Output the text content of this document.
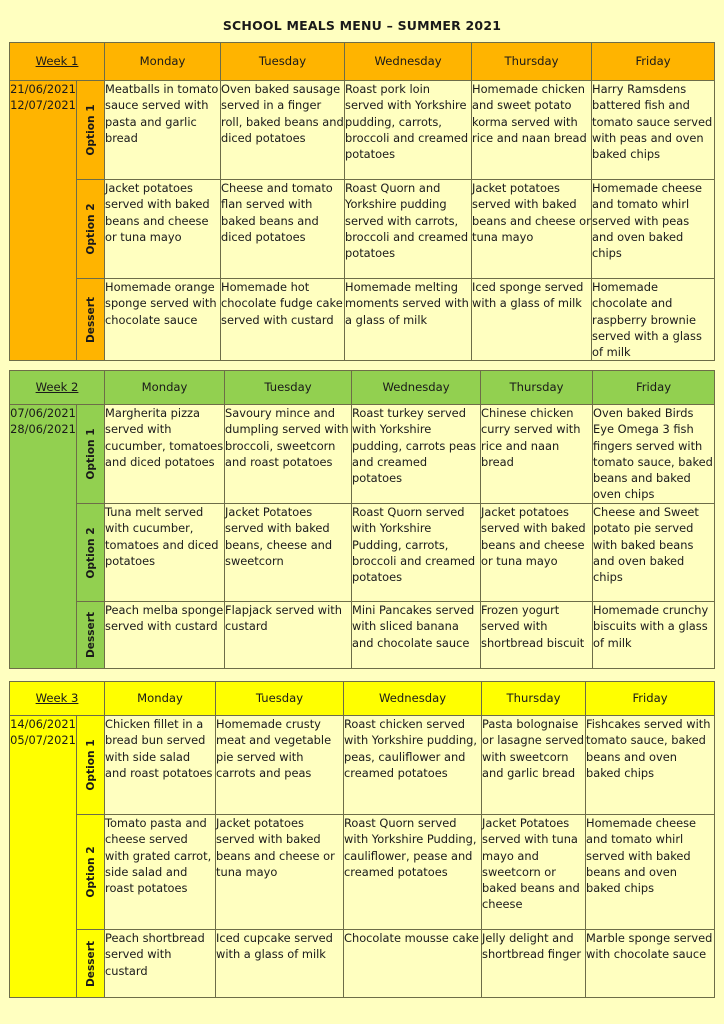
SCHOOL MEALS MENU – SUMMER 2021
Week 1		Monday	Tuesday	Wednesday	Thursday	Friday

21/06/2021
12/07/2021	Option 1	Meatballs in tomato sauce served with pasta and garlic bread	Oven baked sausage served in a finger roll, baked beans and diced potatoes	Roast pork loin served with Yorkshire pudding, carrots, broccoli and creamed potatoes	Homemade chicken and sweet potato korma served with rice and naan bread	Harry Ramsdens battered fish and tomato sauce served with peas and oven baked chips

	Option 2	Jacket potatoes served with baked beans and cheese or tuna mayo	Cheese and tomato flan served with baked beans and diced potatoes	Roast Quorn and Yorkshire pudding served with carrots, broccoli and creamed potatoes	Jacket potatoes served with baked beans and cheese or tuna mayo	Homemade cheese and tomato whirl served with peas and oven baked chips

	Dessert	Homemade orange sponge served with chocolate sauce	Homemade hot chocolate fudge cake served with custard	Homemade melting moments served with a glass of milk	Iced sponge served with a glass of milk	Homemade chocolate and raspberry brownie served with a glass of milk
Week 2		Monday	Tuesday	Wednesday	Thursday	Friday

07/06/2021
28/06/2021	Option 1	Margherita pizza served with cucumber, tomatoes and diced potatoes	Savoury mince and dumpling served with broccoli, sweetcorn and roast potatoes	Roast turkey served with Yorkshire pudding, carrots peas and creamed potatoes	Chinese chicken curry served with rice and naan bread	Oven baked Birds Eye Omega 3 fish fingers served with tomato sauce, baked beans and baked oven chips

	Option 2	Tuna melt served with cucumber, tomatoes and diced potatoes	Jacket Potatoes served with baked beans, cheese and sweetcorn	Roast Quorn served with Yorkshire Pudding, carrots, broccoli and creamed potatoes	Jacket potatoes served with baked beans and cheese or tuna mayo	Cheese and Sweet potato pie served with baked beans and oven baked chips

	Dessert	Peach melba sponge served with custard	Flapjack served with custard	Mini Pancakes served with sliced banana and chocolate sauce	Frozen yogurt served with shortbread biscuit	Homemade crunchy biscuits with a glass of milk
Week 3		Monday	Tuesday	Wednesday	Thursday	Friday

14/06/2021
05/07/2021	Option 1	Chicken fillet in a bread bun served with side salad and roast potatoes	Homemade crusty meat and vegetable pie served with carrots and peas	Roast chicken served with Yorkshire pudding, peas, cauliflower and creamed potatoes	Pasta bolognaise or lasagne served with sweetcorn and garlic bread	Fishcakes served with tomato sauce, baked beans and oven baked chips

	Option 2	Tomato pasta and cheese served with grated carrot, side salad and roast potatoes	Jacket potatoes served with baked beans and cheese or tuna mayo	Roast Quorn served with Yorkshire Pudding, cauliflower, pease and creamed potatoes	Jacket Potatoes served with tuna mayo and sweetcorn or baked beans and cheese	Homemade cheese and tomato whirl served with baked beans and oven baked chips

	Dessert	Peach shortbread served with custard	Iced cupcake served with a glass of milk	Chocolate mousse cake	Jelly delight and shortbread finger	Marble sponge served with chocolate sauce
